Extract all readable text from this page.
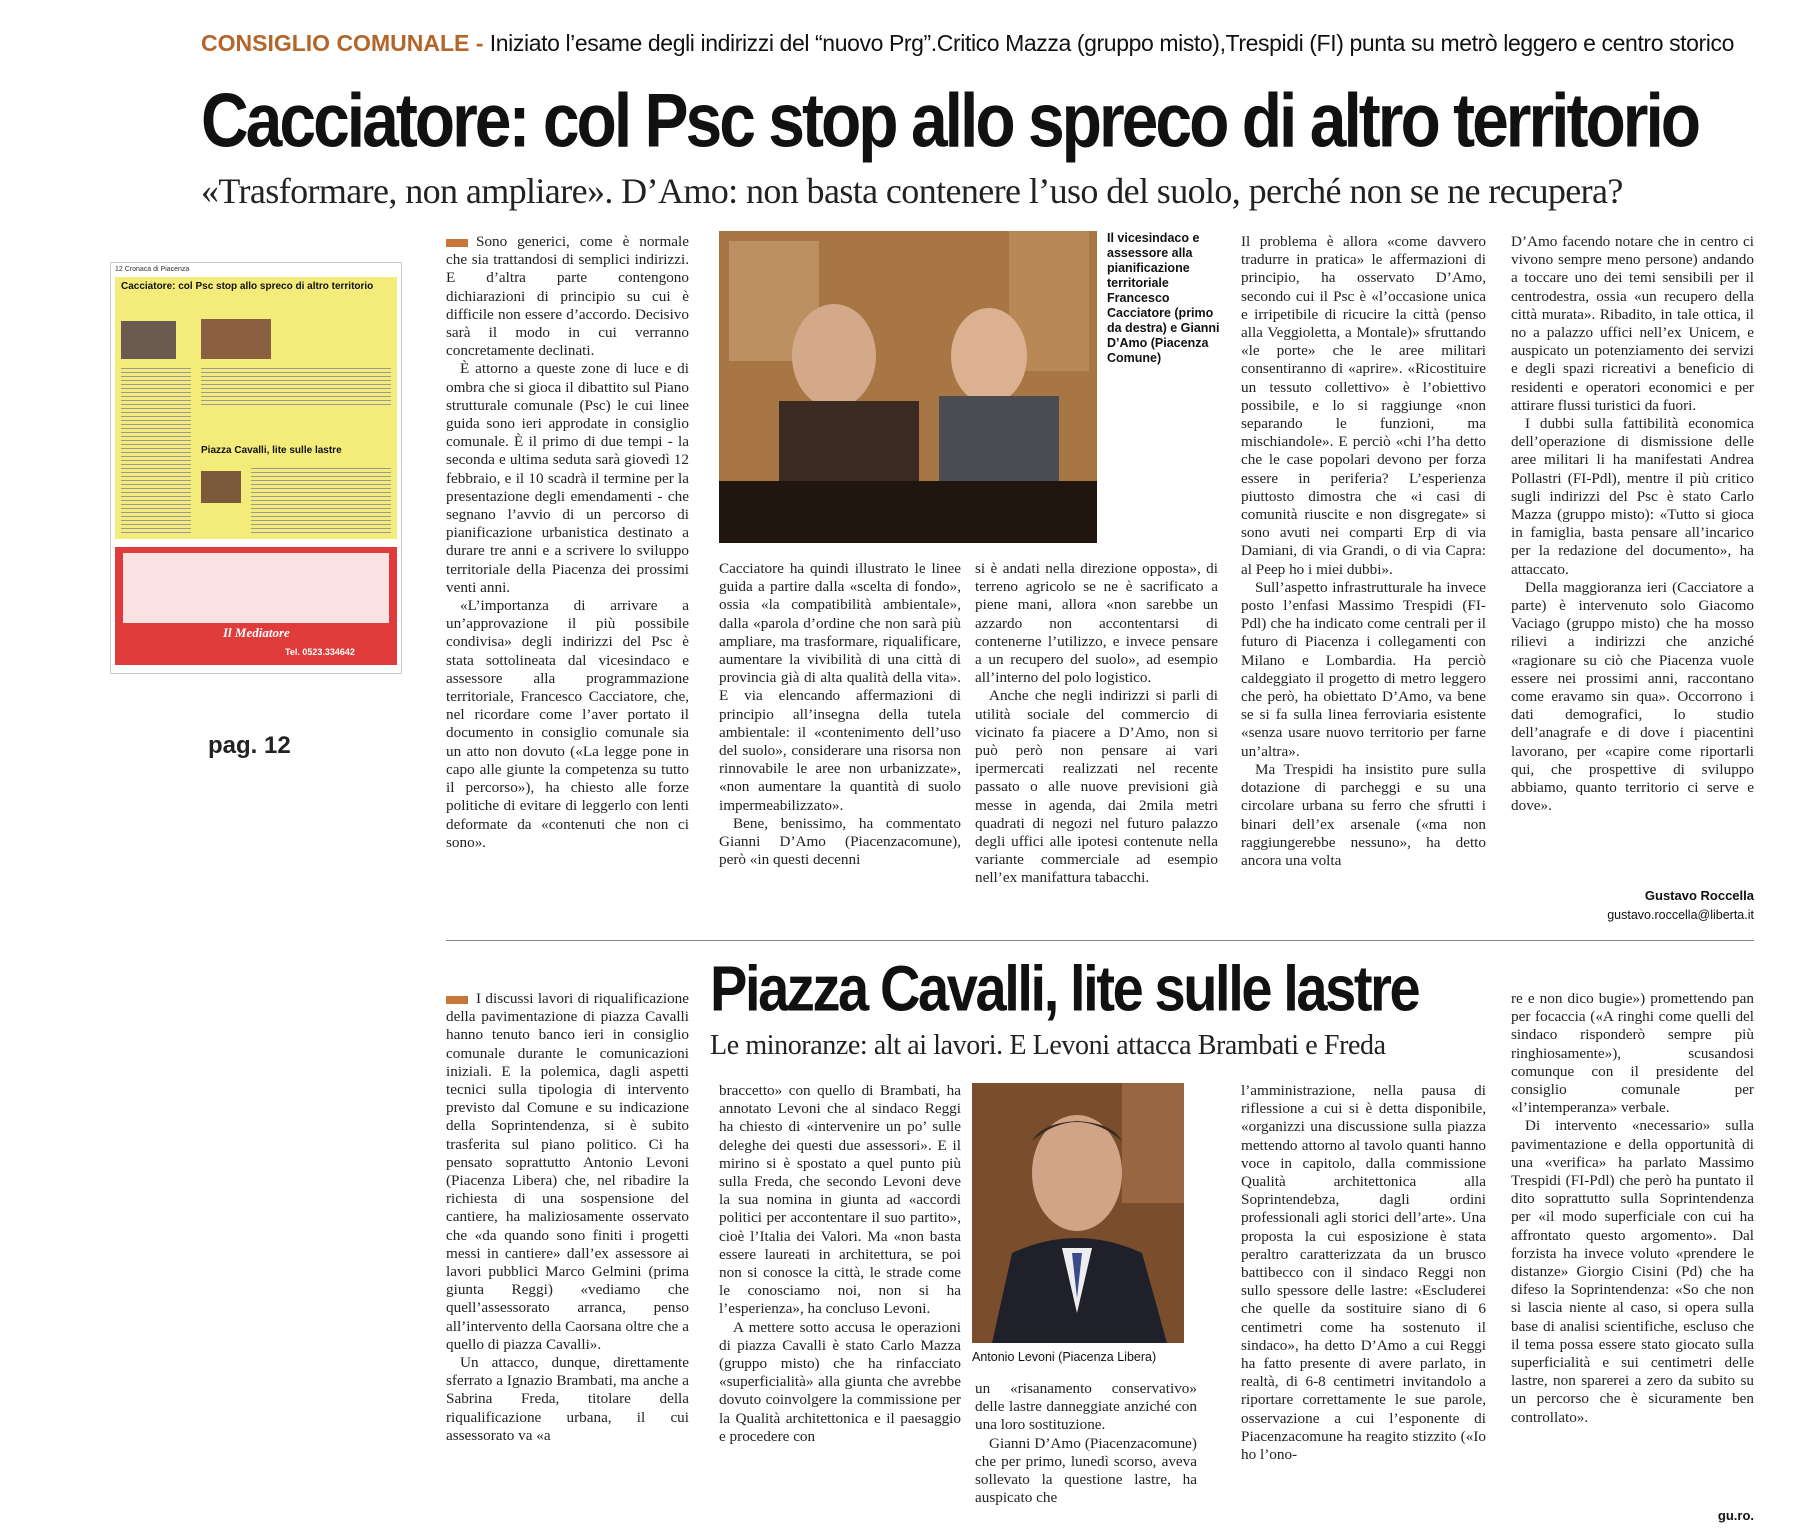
CONSIGLIO COMUNALE - Iniziato l’esame degli indirizzi del “nuovo Prg”.Critico Mazza (gruppo misto),Trespidi (FI) punta su metrò leggero e centro storico
Cacciatore: col Psc stop allo spreco di altro territorio
«Trasformare, non ampliare». D’Amo: non basta contenere l’uso del suolo, perché non se ne recupera?
12 Cronaca di Piacenza
Cacciatore: col Psc stop allo spreco di altro territorio
Piazza Cavalli, lite sulle lastre
Il Mediatore
Tel. 0523.334642
pag. 12

Sono generici, come è normale che sia trattandosi di semplici indirizzi. E d’altra parte contengono dichiarazioni di principio su cui è difficile non essere d’accordo. Decisivo sarà il modo in cui verranno concretamente declinati.

È attorno a queste zone di luce e di ombra che si gioca il dibattito sul Piano strutturale comunale (Psc) le cui linee guida sono ieri approdate in consiglio comunale. È il primo di due tempi - la seconda e ultima seduta sarà giovedì 12 febbraio, e il 10 scadrà il termine per la presentazione degli emendamenti - che segnano l’avvio di un percorso di pianificazione urbanistica destinato a durare tre anni e a scrivere lo sviluppo territoriale della Piacenza dei prossimi venti anni.

«L’importanza di arrivare a un’approvazione il più possibile condivisa» degli indirizzi del Psc è stata sottolineata dal vicesindaco e assessore alla programmazione territoriale, Francesco Cacciatore, che, nel ricordare come l’aver portato il documento in consiglio comunale sia un atto non dovuto («La legge pone in capo alle giunte la competenza su tutto il percorso»), ha chiesto alle forze politiche di evitare di leggerlo con lenti deformate da «contenuti che non ci sono».

Il vicesindaco e assessore alla pianificazione territoriale Francesco Cacciatore (primo da destra) e Gianni D’Amo (Piacenza Comune)

Cacciatore ha quindi illustrato le linee guida a partire dalla «scelta di fondo», ossia «la compatibilità ambientale», dalla «parola d’ordine che non sarà più ampliare, ma trasformare, riqualificare, aumentare la vivibilità di una città di provincia già di alta qualità della vita». E via elencando affermazioni di principio all’insegna della tutela ambientale: il «contenimento dell’uso del suolo», considerare una risorsa non rinnovabile le aree non urbanizzate», «non aumentare la quantità di suolo impermeabilizzato».

Bene, benissimo, ha commentato Gianni D’Amo (Piacenzacomune), però «in questi decenni

si è andati nella direzione opposta», di terreno agricolo se ne è sacrificato a piene mani, allora «non sarebbe un azzardo non accontentarsi di contenerne l’utilizzo, e invece pensare a un recupero del suolo», ad esempio all’interno del polo logistico.

Anche che negli indirizzi si parli di utilità sociale del commercio di vicinato fa piacere a D’Amo, non si può però non pensare ai vari ipermercati realizzati nel recente passato o alle nuove previsioni già messe in agenda, dai 2mila metri quadrati di negozi nel futuro palazzo degli uffici alle ipotesi contenute nella variante commerciale ad esempio nell’ex manifattura tabacchi.

Il problema è allora «come davvero tradurre in pratica» le affermazioni di principio, ha osservato D’Amo, secondo cui il Psc è «l’occasione unica e irripetibile di ricucire la città (penso alla Veggioletta, a Montale)» sfruttando «le porte» che le aree militari consentiranno di «aprire». «Ricostituire un tessuto collettivo» è l’obiettivo possibile, e lo si raggiunge «non separando le funzioni, ma mischiandole». E perciò «chi l’ha detto che le case popolari devono per forza essere in periferia? L’esperienza piuttosto dimostra che «i casi di comunità riuscite e non disgregate» si sono avuti nei comparti Erp di via Damiani, di via Grandi, o di via Capra: al Peep ho i miei dubbi».

Sull’aspetto infrastrutturale ha invece posto l’enfasi Massimo Trespidi (FI-Pdl) che ha indicato come centrali per il futuro di Piacenza i collegamenti con Milano e Lombardia. Ha perciò caldeggiato il progetto di metro leggero che però, ha obiettato D’Amo, va bene se si fa sulla linea ferroviaria esistente «senza usare nuovo territorio per farne un’altra».

Ma Trespidi ha insistito pure sulla dotazione di parcheggi e su una circolare urbana su ferro che sfrutti i binari dell’ex arsenale («ma non raggiungerebbe nessuno», ha detto ancora una volta

D’Amo facendo notare che in centro ci vivono sempre meno persone) andando a toccare uno dei temi sensibili per il centrodestra, ossia «un recupero della città murata». Ribadito, in tale ottica, il no a palazzo uffici nell’ex Unicem, e auspicato un potenziamento dei servizi e degli spazi ricreativi a beneficio di residenti e operatori economici e per attirare flussi turistici da fuori.

I dubbi sulla fattibilità economica dell’operazione di dismissione delle aree militari li ha manifestati Andrea Pollastri (FI-Pdl), mentre il più critico sugli indirizzi del Psc è stato Carlo Mazza (gruppo misto): «Tutto si gioca in famiglia, basta pensare all’incarico per la redazione del documento», ha attaccato.

Della maggioranza ieri (Cacciatore a parte) è intervenuto solo Giacomo Vaciago (gruppo misto) che ha mosso rilievi a indirizzi che anziché «ragionare su ciò che Piacenza vuole essere nei prossimi anni, raccontano come eravamo sin qua». Occorrono i dati demografici, lo studio dell’anagrafe e di dove i piacentini lavorano, per «capire come riportarli qui, che prospettive di sviluppo abbiamo, quanto territorio ci serve e dove».

Gustavo Roccella
gustavo.roccella@liberta.it
Piazza Cavalli, lite sulle lastre
Le minoranze: alt ai lavori. E Levoni attacca Brambati e Freda

I discussi lavori di riqualificazione della pavimentazione di piazza Cavalli hanno tenuto banco ieri in consiglio comunale durante le comunicazioni iniziali. E la polemica, dagli aspetti tecnici sulla tipologia di intervento previsto dal Comune e su indicazione della Soprintendenza, si è subito trasferita sul piano politico. Ci ha pensato soprattutto Antonio Levoni (Piacenza Libera) che, nel ribadire la richiesta di una sospensione del cantiere, ha maliziosamente osservato che «da quando sono finiti i progetti messi in cantiere» dall’ex assessore ai lavori pubblici Marco Gelmini (prima giunta Reggi) «vediamo che quell’assessorato arranca, penso all’intervento della Caorsana oltre che a quello di piazza Cavalli».

Un attacco, dunque, direttamente sferrato a Ignazio Brambati, ma anche a Sabrina Freda, titolare della riqualificazione urbana, il cui assessorato va «a

braccetto» con quello di Brambati, ha annotato Levoni che al sindaco Reggi ha chiesto di «intervenire un po’ sulle deleghe dei questi due assessori». E il mirino si è spostato a quel punto più sulla Freda, che secondo Levoni deve la sua nomina in giunta ad «accordi politici per accontentare il suo partito», cioè l’Italia dei Valori. Ma «non basta essere laureati in architettura, se poi non si conosce la città, le strade come le conosciamo noi, non si ha l’esperienza», ha concluso Levoni.

A mettere sotto accusa le operazioni di piazza Cavalli è stato Carlo Mazza (gruppo misto) che ha rinfacciato «superficialità» alla giunta che avrebbe dovuto coinvolgere la commissione per la Qualità architettonica e il paesaggio e procedere con

Antonio Levoni (Piacenza Libera)

un «risanamento conservativo» delle lastre danneggiate anziché con una loro sostituzione.

Gianni D’Amo (Piacenzacomune) che per primo, lunedì scorso, aveva sollevato la questione lastre, ha auspicato che

l’amministrazione, nella pausa di riflessione a cui si è detta disponibile, «organizzi una discussione sulla piazza mettendo attorno al tavolo quanti hanno voce in capitolo, dalla commissione Qualità architettonica alla Soprintendebza, dagli ordini professionali agli storici dell’arte». Una proposta la cui esposizione è stata peraltro caratterizzata da un brusco battibecco con il sindaco Reggi non sullo spessore delle lastre: «Escluderei che quelle da sostituire siano di 6 centimetri come ha sostenuto il sindaco», ha detto D’Amo a cui Reggi ha fatto presente di avere parlato, in realtà, di 6-8 centimetri invitandolo a riportare correttamente le sue parole, osservazione a cui l’esponente di Piacenzacomune ha reagito stizzito («Io ho l’ono-

re e non dico bugie») promettendo pan per focaccia («A ringhi come quelli del sindaco risponderò sempre più ringhiosamente»), scusandosi comunque con il presidente del consiglio comunale per «l’intemperanza» verbale.

Di intervento «necessario» sulla pavimentazione e della opportunità di una «verifica» ha parlato Massimo Trespidi (FI-Pdl) che però ha puntato il dito soprattutto sulla Soprintendenza per «il modo superficiale con cui ha affrontato questo argomento». Dal forzista ha invece voluto «prendere le distanze» Giorgio Cisini (Pd) che ha difeso la Soprintendenza: «So che non si lascia niente al caso, si opera sulla base di analisi scientifiche, escluso che il tema possa essere stato giocato sulla superficialità e sui centimetri delle lastre, non sparerei a zero da subito su un percorso che è sicuramente ben controllato».

gu.ro.
